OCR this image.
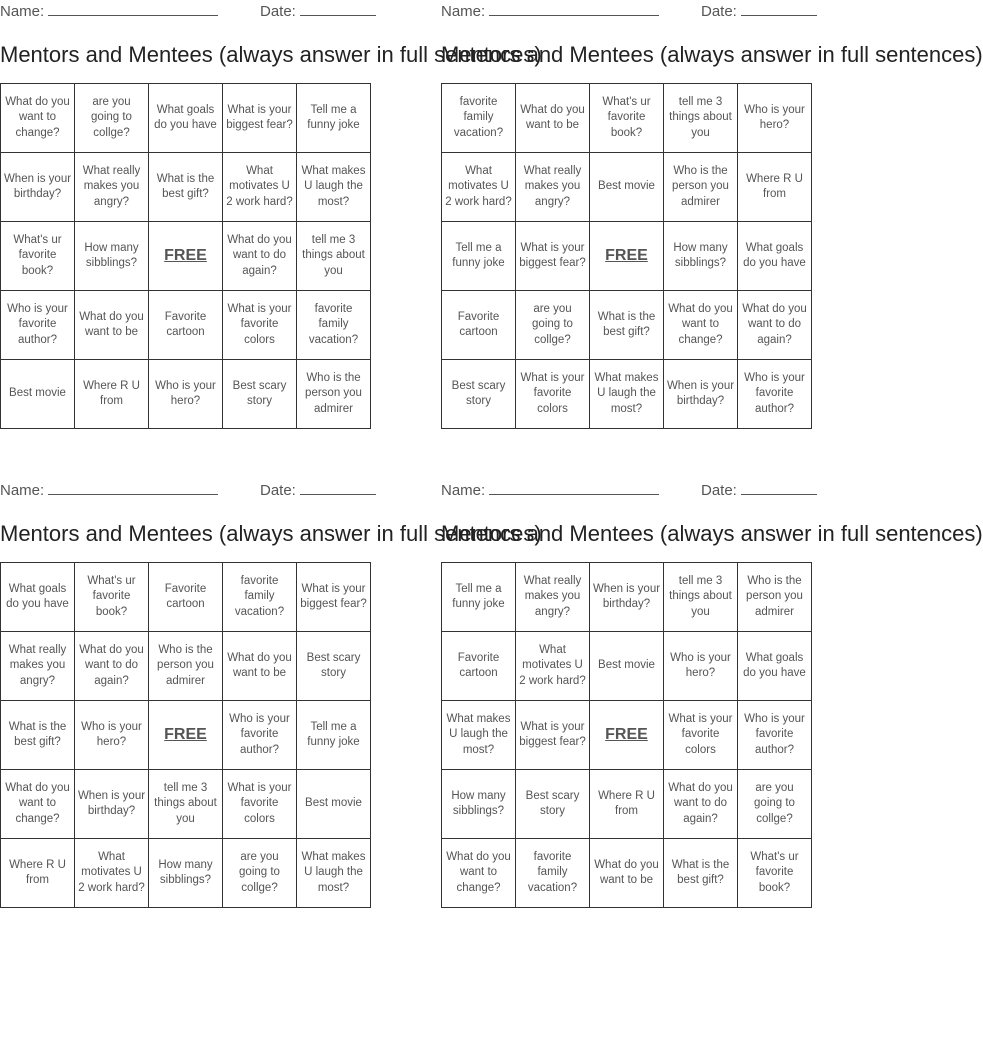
Name:	Date:
Mentors and Mentees (always answer in full sentences)
What do you want to change?	are you going to collge?	What goals do you have	What is your biggest fear?	Tell me a funny joke
When is your birthday?	What really makes you angry?	What is the best gift?	What motivates U 2 work hard?	What makes U laugh the most?
What's ur favorite book?	How many sibblings?	FREE	What do you want to do again?	tell me 3 things about you
Who is your favorite author?	What do you want to be	Favorite cartoon	What is your favorite colors	favorite family vacation?
Best movie	Where R U from	Who is your hero?	Best scary story	Who is the person you admirer
Name:	Date:
Mentors and Mentees (always answer in full sentences)
favorite family vacation?	What do you want to be	What's ur favorite book?	tell me 3 things about you	Who is your hero?
What motivates U 2 work hard?	What really makes you angry?	Best movie	Who is the person you admirer	Where R U from
Tell me a funny joke	What is your biggest fear?	FREE	How many sibblings?	What goals do you have
Favorite cartoon	are you going to collge?	What is the best gift?	What do you want to change?	What do you want to do again?
Best scary story	What is your favorite colors	What makes U laugh the most?	When is your birthday?	Who is your favorite author?
Name:	Date:
Mentors and Mentees (always answer in full sentences)
What goals do you have	What's ur favorite book?	Favorite cartoon	favorite family vacation?	What is your biggest fear?
What really makes you angry?	What do you want to do again?	Who is the person you admirer	What do you want to be	Best scary story
What is the best gift?	Who is your hero?	FREE	Who is your favorite author?	Tell me a funny joke
What do you want to change?	When is your birthday?	tell me 3 things about you	What is your favorite colors	Best movie
Where R U from	What motivates U 2 work hard?	How many sibblings?	are you going to collge?	What makes U laugh the most?
Name:	Date:
Mentors and Mentees (always answer in full sentences)
Tell me a funny joke	What really makes you angry?	When is your birthday?	tell me 3 things about you	Who is the person you admirer
Favorite cartoon	What motivates U 2 work hard?	Best movie	Who is your hero?	What goals do you have
What makes U laugh the most?	What is your biggest fear?	FREE	What is your favorite colors	Who is your favorite author?
How many sibblings?	Best scary story	Where R U from	What do you want to do again?	are you going to collge?
What do you want to change?	favorite family vacation?	What do you want to be	What is the best gift?	What's ur favorite book?
